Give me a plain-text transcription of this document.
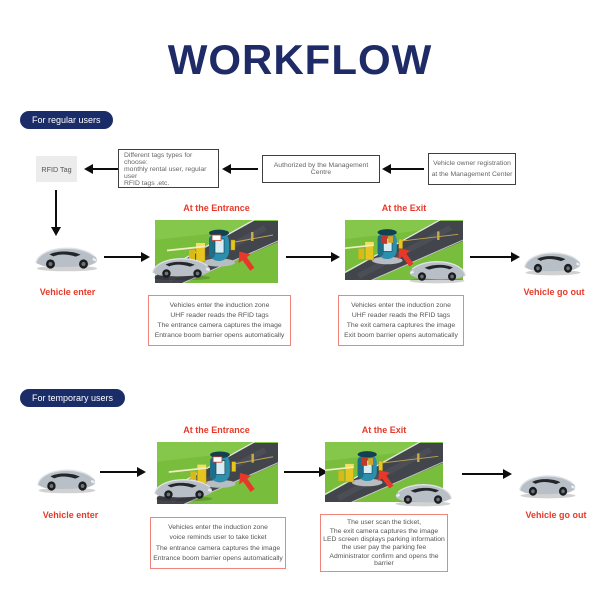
WORKFLOW
For regular users
RFID Tag
Different tags types for choose:
monthly rental user, regular user
RFID tags .etc.
Authorized by the Management Centre
Vehicle owner registration
at the Management Center
At the Entrance	At the Exit
Vehicle enter	Vehicle go out
Vehicles enter the induction zone
UHF reader reads the RFID tags
The entrance camera captures the image
Entrance boom barrier opens automatically
Vehicles enter the induction zone
UHF reader reads the RFID tags
The exit camera captures the image
Exit boom barrier opens automatically
For temporary users
At the Entrance	At the Exit
Vehicle enter	Vehicle go out
Vehicles enter the induction zone
voice reminds user to take ticket
The entrance camera captures the image
Entrance boom barrier opens automatically
The user scan the ticket,
The exit camera captures the image
LED screen displays parking information
the user pay the parking fee
Administrator confirm and opens the barrier
